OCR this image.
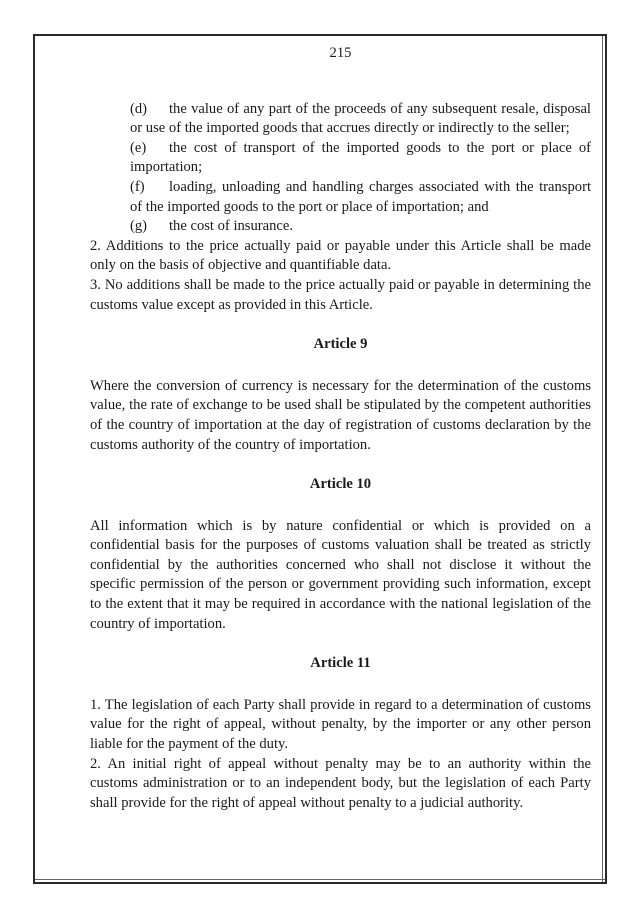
215

(d) the value of any part of the proceeds of any subsequent resale, disposal or use of the imported goods that accrues directly or indirectly to the seller;

(e) the cost of transport of the imported goods to the port or place of importation;

(f) loading, unloading and handling charges associated with the transport of the imported goods to the port or place of importation; and

(g) the cost of insurance.

2. Additions to the price actually paid or payable under this Article shall be made only on the basis of objective and quantifiable data.

3. No additions shall be made to the price actually paid or payable in determining the customs value except as provided in this Article.

Article 9

Where the conversion of currency is necessary for the determination of the customs value, the rate of exchange to be used shall be stipulated by the competent authorities of the country of importation at the day of registration of customs declaration by the customs authority of the country of importation.

Article 10

All information which is by nature confidential or which is provided on a confidential basis for the purposes of customs valuation shall be treated as strictly confidential by the authorities concerned who shall not disclose it without the specific permission of the person or government providing such information, except to the extent that it may be required in accordance with the national legislation of the country of importation.

Article 11

1. The legislation of each Party shall provide in regard to a determination of customs value for the right of appeal, without penalty, by the importer or any other person liable for the payment of the duty.

2. An initial right of appeal without penalty may be to an authority within the customs administration or to an independent body, but the legislation of each Party shall provide for the right of appeal without penalty to a judicial authority.
